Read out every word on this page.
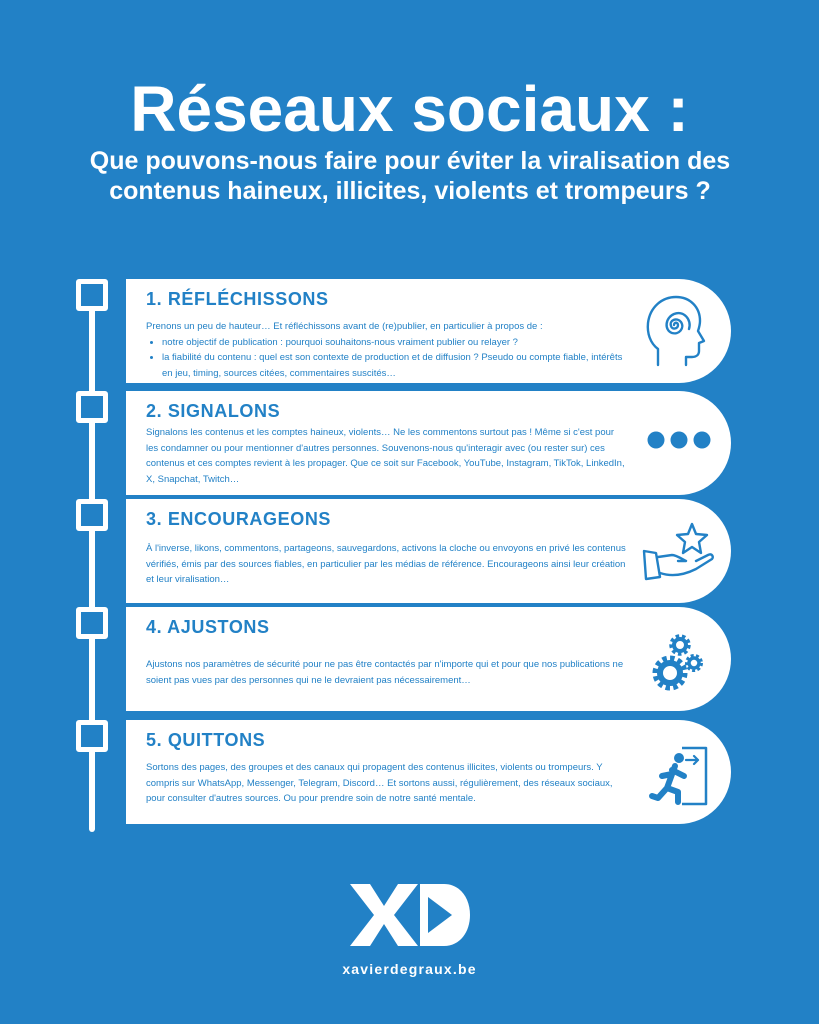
Réseaux sociaux :
Que pouvons-nous faire pour éviter la viralisation des contenus haineux, illicites, violents et trompeurs ?
1. RÉFLÉCHISSONS
Prenons un peu de hauteur… Et réfléchissons avant de (re)publier, en particulier à propos de :
• notre objectif de publication : pourquoi souhaitons-nous vraiment publier ou relayer ?
• la fiabilité du contenu : quel est son contexte de production et de diffusion ? Pseudo ou compte fiable, intérêts en jeu, timing, sources citées, commentaires suscités…
2. SIGNALONS
Signalons les contenus et les comptes haineux, violents… Ne les commentons surtout pas ! Même si c'est pour les condamner ou pour mentionner d'autres personnes. Souvenons-nous qu'interagir avec (ou rester sur) ces contenus et ces comptes revient à les propager. Que ce soit sur Facebook, YouTube, Instagram, TikTok, LinkedIn, X, Snapchat, Twitch…
3. ENCOURAGEONS
À l'inverse, likons, commentons, partageons, sauvegardons, activons la cloche ou envoyons en privé les contenus vérifiés, émis par des sources fiables, en particulier par les médias de référence. Encourageons ainsi leur création et leur viralisation…
4. AJUSTONS
Ajustons nos paramètres de sécurité pour ne pas être contactés par n'importe qui et pour que nos publications ne soient pas vues par des personnes qui ne le devraient pas nécessairement…
5. QUITTONS
Sortons des pages, des groupes et des canaux qui propagent des contenus illicites, violents ou trompeurs. Y compris sur WhatsApp, Messenger, Telegram, Discord… Et sortons aussi, régulièrement, des réseaux sociaux, pour consulter d'autres sources. Ou pour prendre soin de notre santé mentale.
xavierdegraux.be
